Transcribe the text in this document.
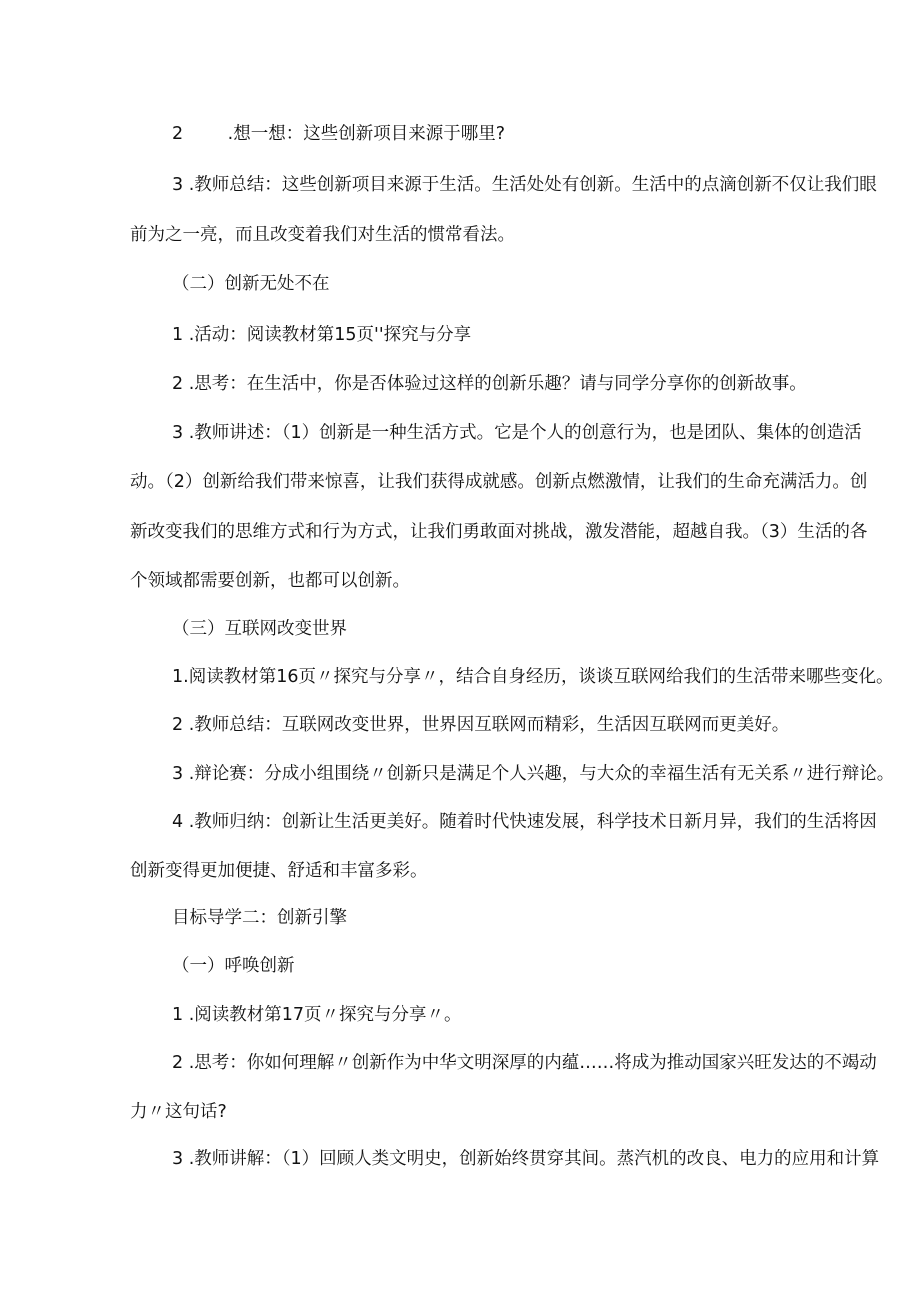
2        .想一想：这些创新项目来源于哪里?
3 .教师总结：这些创新项目来源于生活。生活处处有创新。生活中的点滴创新不仅让我们眼
前为之一亮，而且改变着我们对生活的惯常看法。
（二）创新无处不在
1 .活动：阅读教材第15页''探究与分享
2 .思考：在生活中，你是否体验过这样的创新乐趣？请与同学分享你的创新故事。
3 .教师讲述：（1）创新是一种生活方式。它是个人的创意行为，也是团队、集体的创造活
动。（2）创新给我们带来惊喜，让我们获得成就感。创新点燃激情，让我们的生命充满活力。创
新改变我们的思维方式和行为方式，让我们勇敢面对挑战，激发潜能，超越自我。（3）生活的各
个领域都需要创新，也都可以创新。
（三）互联网改变世界
1.阅读教材第16页〃探究与分享〃，结合自身经历，谈谈互联网给我们的生活带来哪些变化。
2 .教师总结：互联网改变世界，世界因互联网而精彩，生活因互联网而更美好。
3 .辩论赛：分成小组围绕〃创新只是满足个人兴趣，与大众的幸福生活有无关系〃进行辩论。
4 .教师归纳：创新让生活更美好。随着时代快速发展，科学技术日新月异，我们的生活将因
创新变得更加便捷、舒适和丰富多彩。
目标导学二：创新引擎
（一）呼唤创新
1 .阅读教材第17页〃探究与分享〃。
2 .思考：你如何理解〃创新作为中华文明深厚的内蕴……将成为推动国家兴旺发达的不竭动
力〃这句话?
3 .教师讲解：（1）回顾人类文明史，创新始终贯穿其间。蒸汽机的改良、电力的应用和计算
